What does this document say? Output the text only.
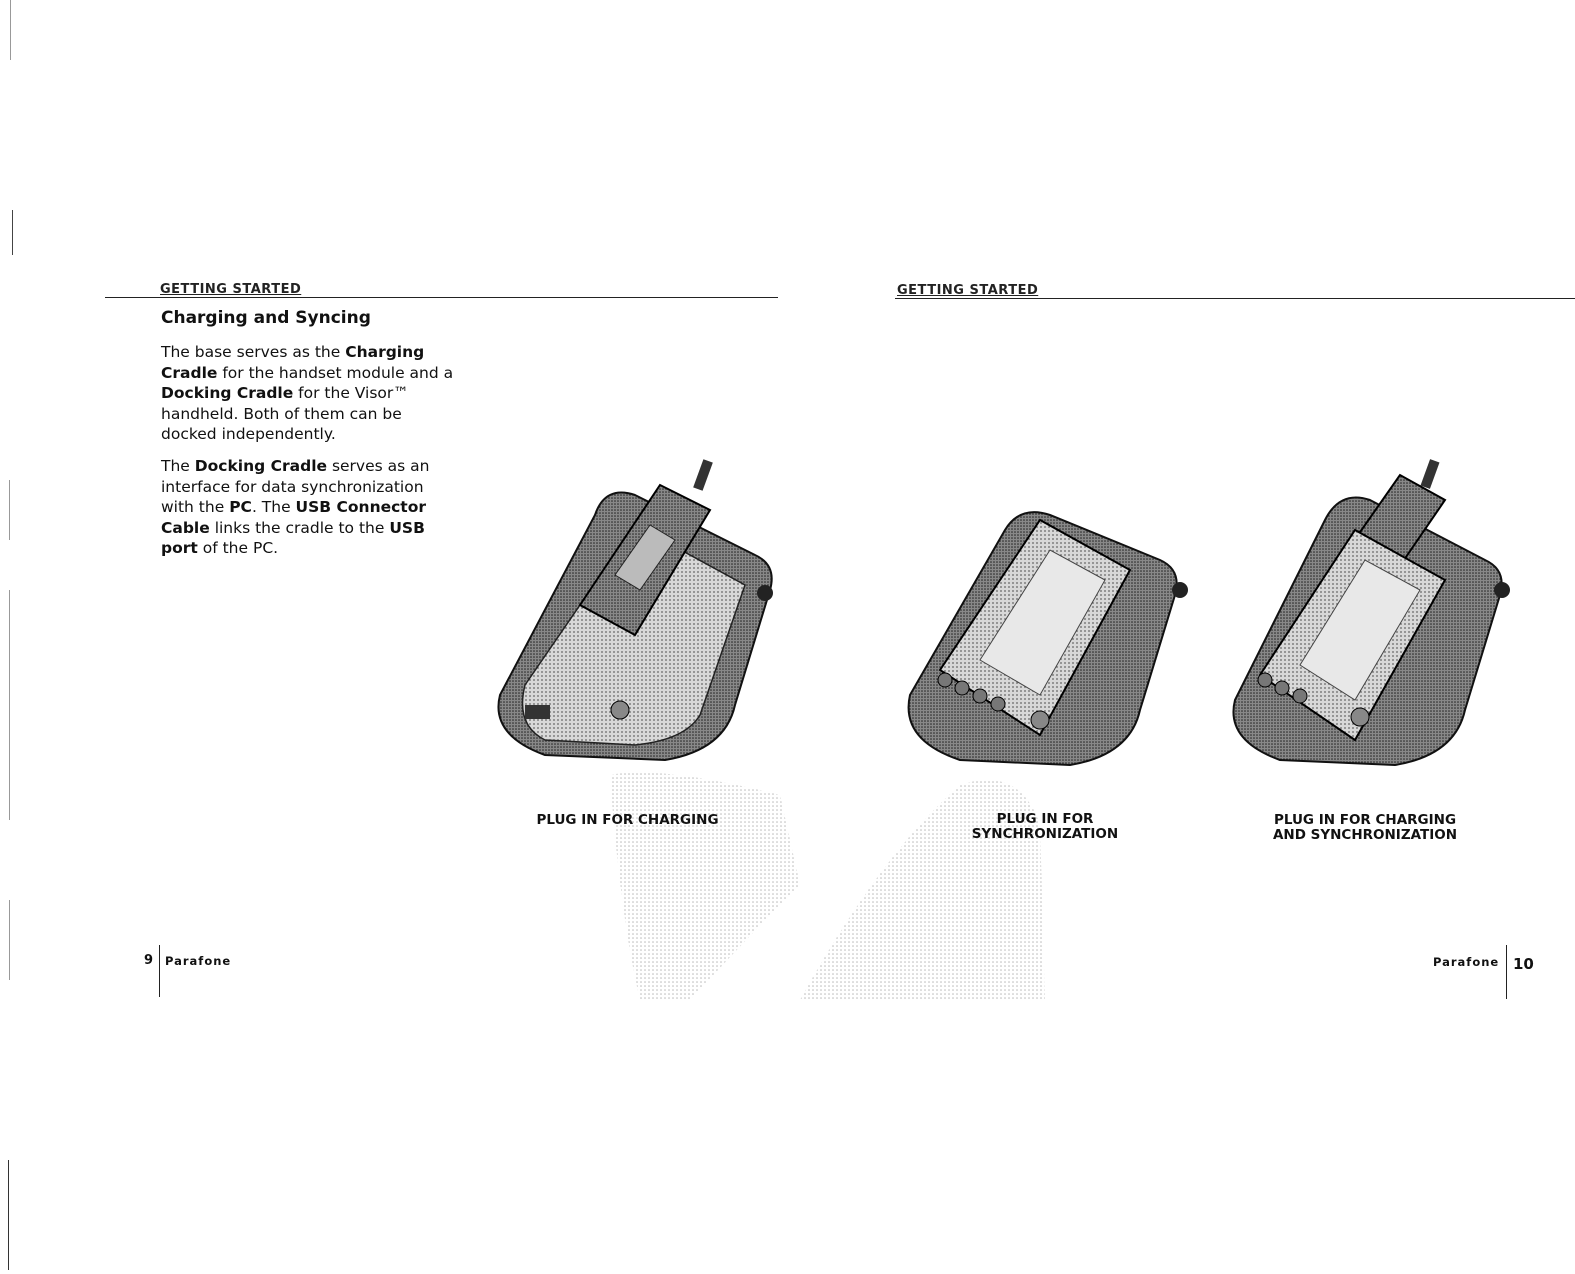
GETTING STARTED	GETTING STARTED
Charging and Syncing
The base serves as the Charging Cradle for the handset module and a Docking Cradle for the Visor™ handheld. Both of them can be docked independently.
The Docking Cradle serves as an interface for data synchronization with the PC. The USB Connector Cable links the cradle to the USB port of the PC.
PLUG IN FOR CHARGING	PLUG IN FOR
SYNCHRONIZATION
PLUG IN FOR CHARGING
AND SYNCHRONIZATION
9 Parafone	Parafone 10
